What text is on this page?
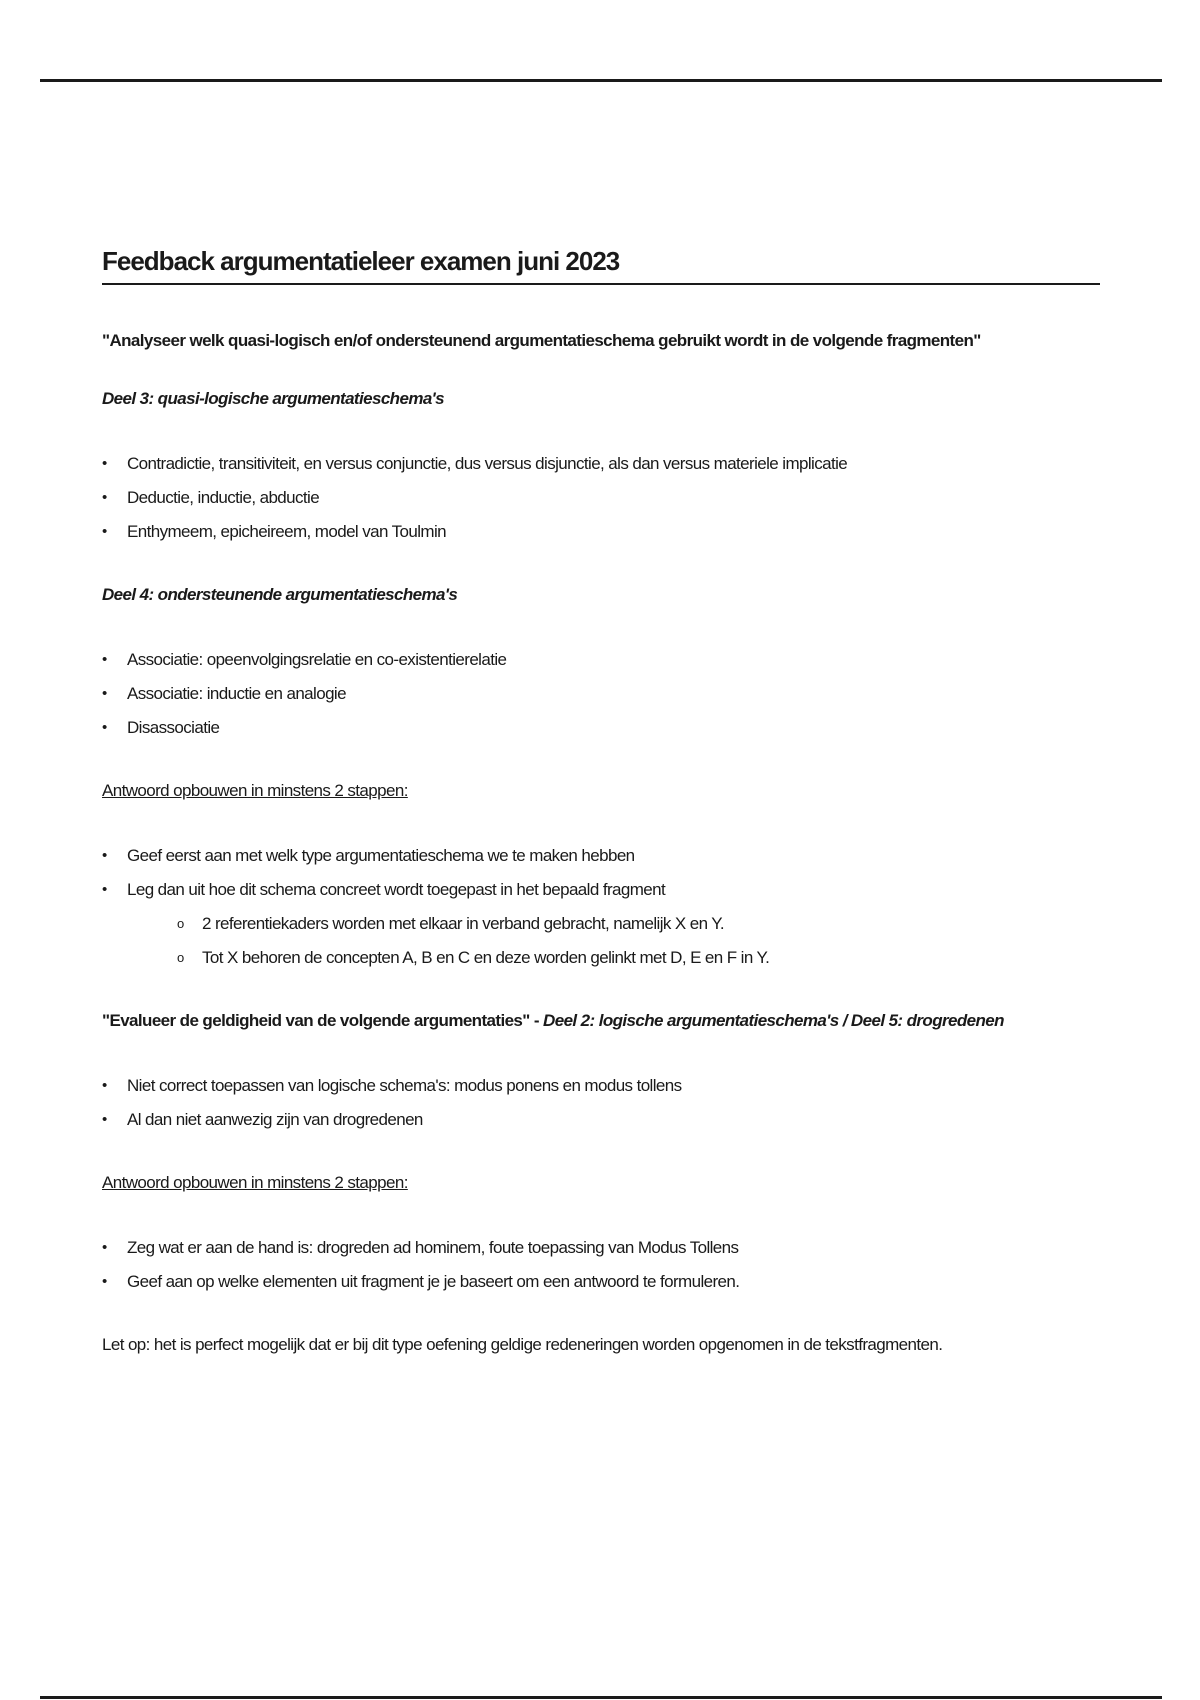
Feedback argumentatieleer examen juni 2023

"Analyseer welk quasi-logisch en/of ondersteunend argumentatieschema gebruikt wordt in de volgende fragmenten"

Deel 3: quasi-logische argumentatieschema's

• Contradictie, transitiviteit, en versus conjunctie, dus versus disjunctie, als dan versus materiele implicatie
• Deductie, inductie, abductie
• Enthymeem, epicheireem, model van Toulmin

Deel 4: ondersteunende argumentatieschema's

• Associatie: opeenvolgingsrelatie en co-existentierelatie
• Associatie: inductie en analogie
• Disassociatie

Antwoord opbouwen in minstens 2 stappen:

• Geef eerst aan met welk type argumentatieschema we te maken hebben
• Leg dan uit hoe dit schema concreet wordt toegepast in het bepaald fragment
o 2 referentiekaders worden met elkaar in verband gebracht, namelijk X en Y.
o Tot X behoren de concepten A, B en C en deze worden gelinkt met D, E en F in Y.

"Evalueer de geldigheid van de volgende argumentaties" - Deel 2: logische argumentatieschema's / Deel 5: drogredenen

• Niet correct toepassen van logische schema's: modus ponens en modus tollens
• Al dan niet aanwezig zijn van drogredenen

Antwoord opbouwen in minstens 2 stappen:

• Zeg wat er aan de hand is: drogreden ad hominem, foute toepassing van Modus Tollens
• Geef aan op welke elementen uit fragment je je baseert om een antwoord te formuleren.

Let op: het is perfect mogelijk dat er bij dit type oefening geldige redeneringen worden opgenomen in de tekstfragmenten.
